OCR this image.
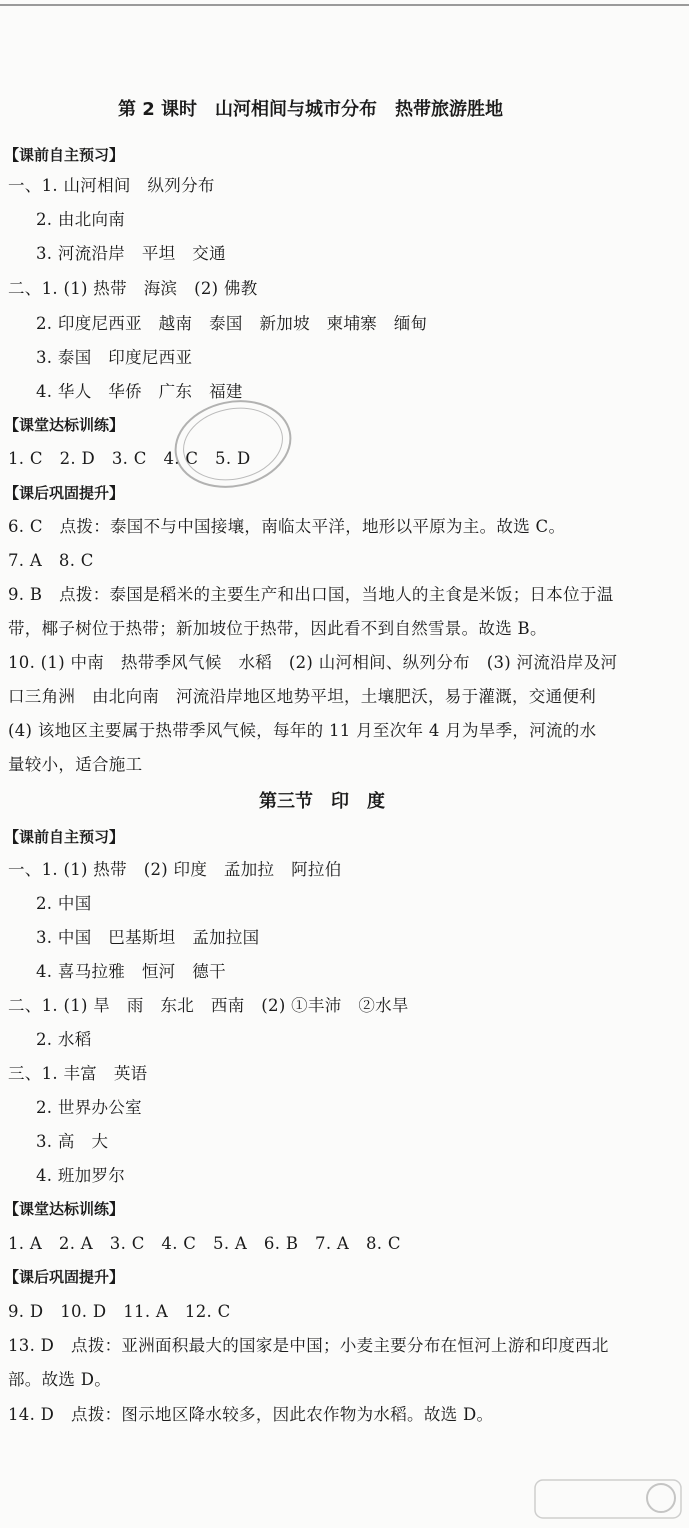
第 2 课时　山河相间与城市分布　热带旅游胜地
【课前自主预习】
一、1. 山河相间　纵列分布
2. 由北向南
3. 河流沿岸　平坦　交通
二、1. (1) 热带　海滨　(2) 佛教
2. 印度尼西亚　越南　泰国　新加坡　柬埔寨　缅甸
3. 泰国　印度尼西亚
4. 华人　华侨　广东　福建
【课堂达标训练】
1. C　2. D　3. C　4. C　5. D
【课后巩固提升】
6. C　点拨：泰国不与中国接壤，南临太平洋，地形以平原为主。故选 C。
7. A　8. C
9. B　点拨：泰国是稻米的主要生产和出口国，当地人的主食是米饭；日本位于温
带，椰子树位于热带；新加坡位于热带，因此看不到自然雪景。故选 B。
10. (1) 中南　热带季风气候　水稻　(2) 山河相间、纵列分布　(3) 河流沿岸及河
口三角洲　由北向南　河流沿岸地区地势平坦，土壤肥沃，易于灌溉，交通便利
(4) 该地区主要属于热带季风气候，每年的 11 月至次年 4 月为旱季，河流的水
量较小，适合施工
第三节　印　度
【课前自主预习】
一、1. (1) 热带　(2) 印度　孟加拉　阿拉伯
2. 中国
3. 中国　巴基斯坦　孟加拉国
4. 喜马拉雅　恒河　德干
二、1. (1) 旱　雨　东北　西南　(2) ①丰沛　②水旱
2. 水稻
三、1. 丰富　英语
2. 世界办公室
3. 高　大
4. 班加罗尔
【课堂达标训练】
1. A　2. A　3. C　4. C　5. A　6. B　7. A　8. C
【课后巩固提升】
9. D　10. D　11. A　12. C
13. D　点拨：亚洲面积最大的国家是中国；小麦主要分布在恒河上游和印度西北
部。故选 D。
14. D　点拨：图示地区降水较多，因此农作物为水稻。故选 D。
